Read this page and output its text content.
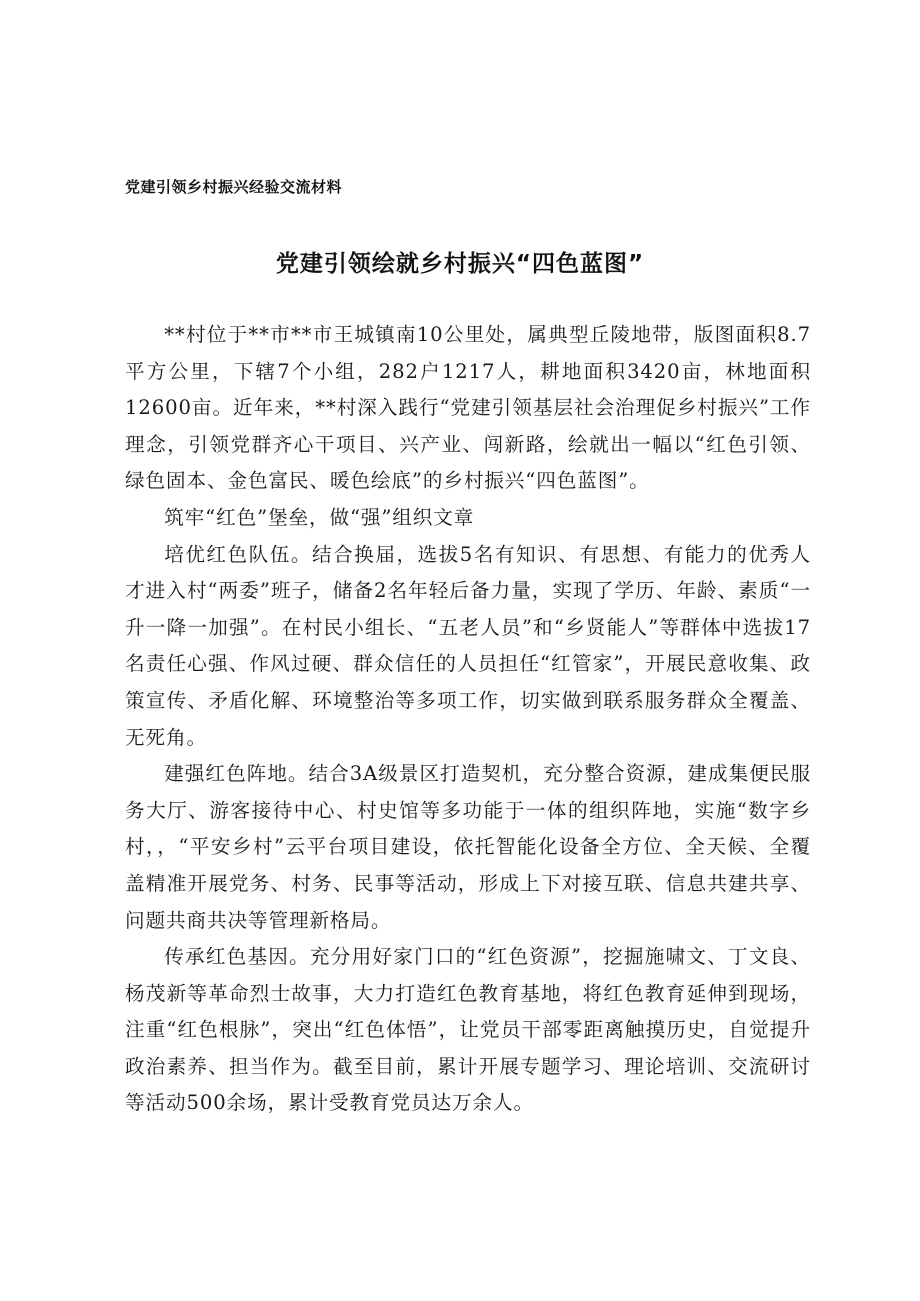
党建引领乡村振兴经验交流材料
党建引领绘就乡村振兴“四色蓝图”

**村位于**市**市王城镇南10公里处，属典型丘陵地带，版图面积8.7平方公里，下辖7个小组，282户1217人，耕地面积3420亩，林地面积12600亩。近年来，**村深入践行“党建引领基层社会治理促乡村振兴”工作理念，引领党群齐心干项目、兴产业、闯新路，绘就出一幅以“红色引领、绿色固本、金色富民、暖色绘底”的乡村振兴“四色蓝图”。

筑牢“红色”堡垒，做“强”组织文章

培优红色队伍。结合换届，选拔5名有知识、有思想、有能力的优秀人才进入村“两委”班子，储备2名年轻后备力量，实现了学历、年龄、素质“一升一降一加强”。在村民小组长、“五老人员”和“乡贤能人”等群体中选拔17名责任心强、作风过硬、群众信任的人员担任“红管家”，开展民意收集、政策宣传、矛盾化解、环境整治等多项工作，切实做到联系服务群众全覆盖、无死角。

建强红色阵地。结合3A级景区打造契机，充分整合资源，建成集便民服务大厅、游客接待中心、村史馆等多功能于一体的组织阵地，实施“数字乡村，，“平安乡村”云平台项目建设，依托智能化设备全方位、全天候、全覆盖精准开展党务、村务、民事等活动，形成上下对接互联、信息共建共享、问题共商共决等管理新格局。

传承红色基因。充分用好家门口的“红色资源”，挖掘施啸文、丁文良、杨茂新等革命烈士故事，大力打造红色教育基地，将红色教育延伸到现场，注重“红色根脉”，突出“红色体悟”，让党员干部零距离触摸历史，自觉提升政治素养、担当作为。截至目前，累计开展专题学习、理论培训、交流研讨等活动500余场，累计受教育党员达万余人。
